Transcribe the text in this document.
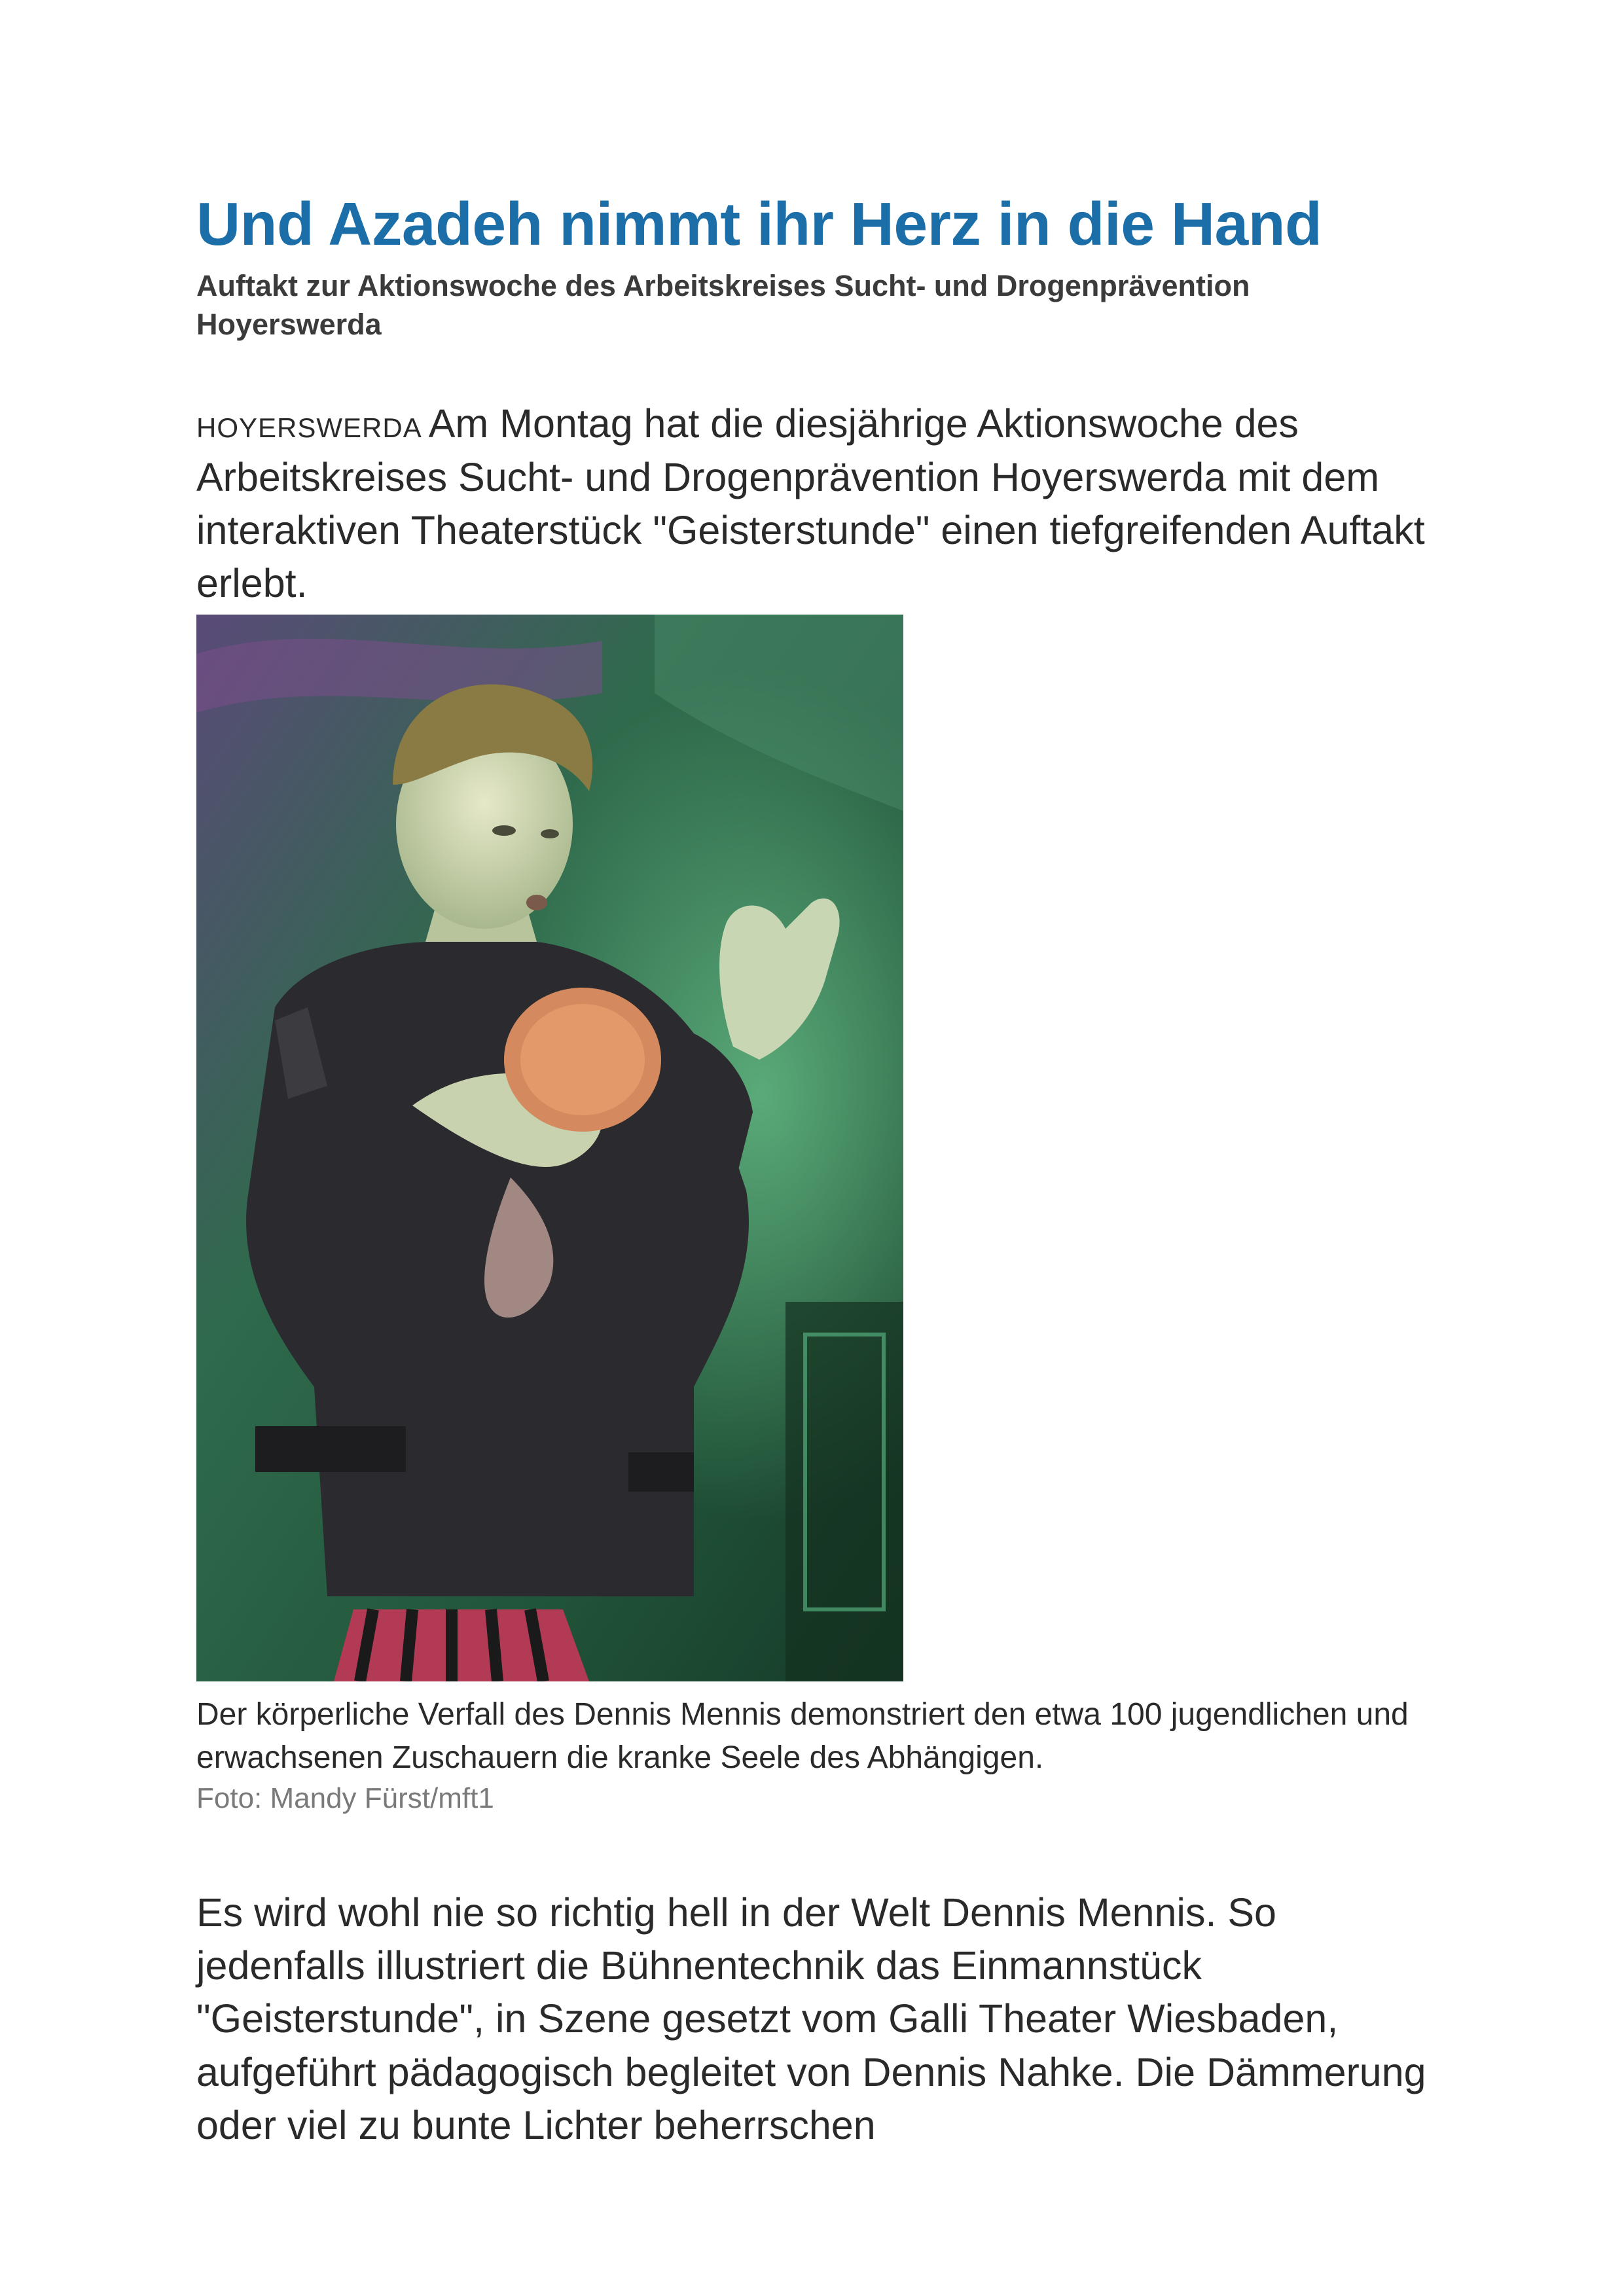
Und Azadeh nimmt ihr Herz in die Hand
Auftakt zur Aktionswoche des Arbeitskreises Sucht- und Drogenprävention Hoyerswerda

HOYERSWERDA Am Montag hat die diesjährige Aktionswoche des Arbeitskreises Sucht- und Drogenprävention Hoyerswerda mit dem interaktiven Theaterstück "Geisterstunde" einen tiefgreifenden Auftakt erlebt.

Der körperliche Verfall des Dennis Mennis demonstriert den etwa 100 jugendlichen und erwachsenen Zuschauern die kranke Seele des Abhängigen.

Foto: Mandy Fürst/mft1

Es wird wohl nie so richtig hell in der Welt Dennis Mennis. So jedenfalls illustriert die Bühnentechnik das Einmannstück "Geisterstunde", in Szene gesetzt vom Galli Theater Wiesbaden, aufgeführt pädagogisch begleitet von Dennis Nahke. Die Dämmerung oder viel zu bunte Lichter beherrschen
